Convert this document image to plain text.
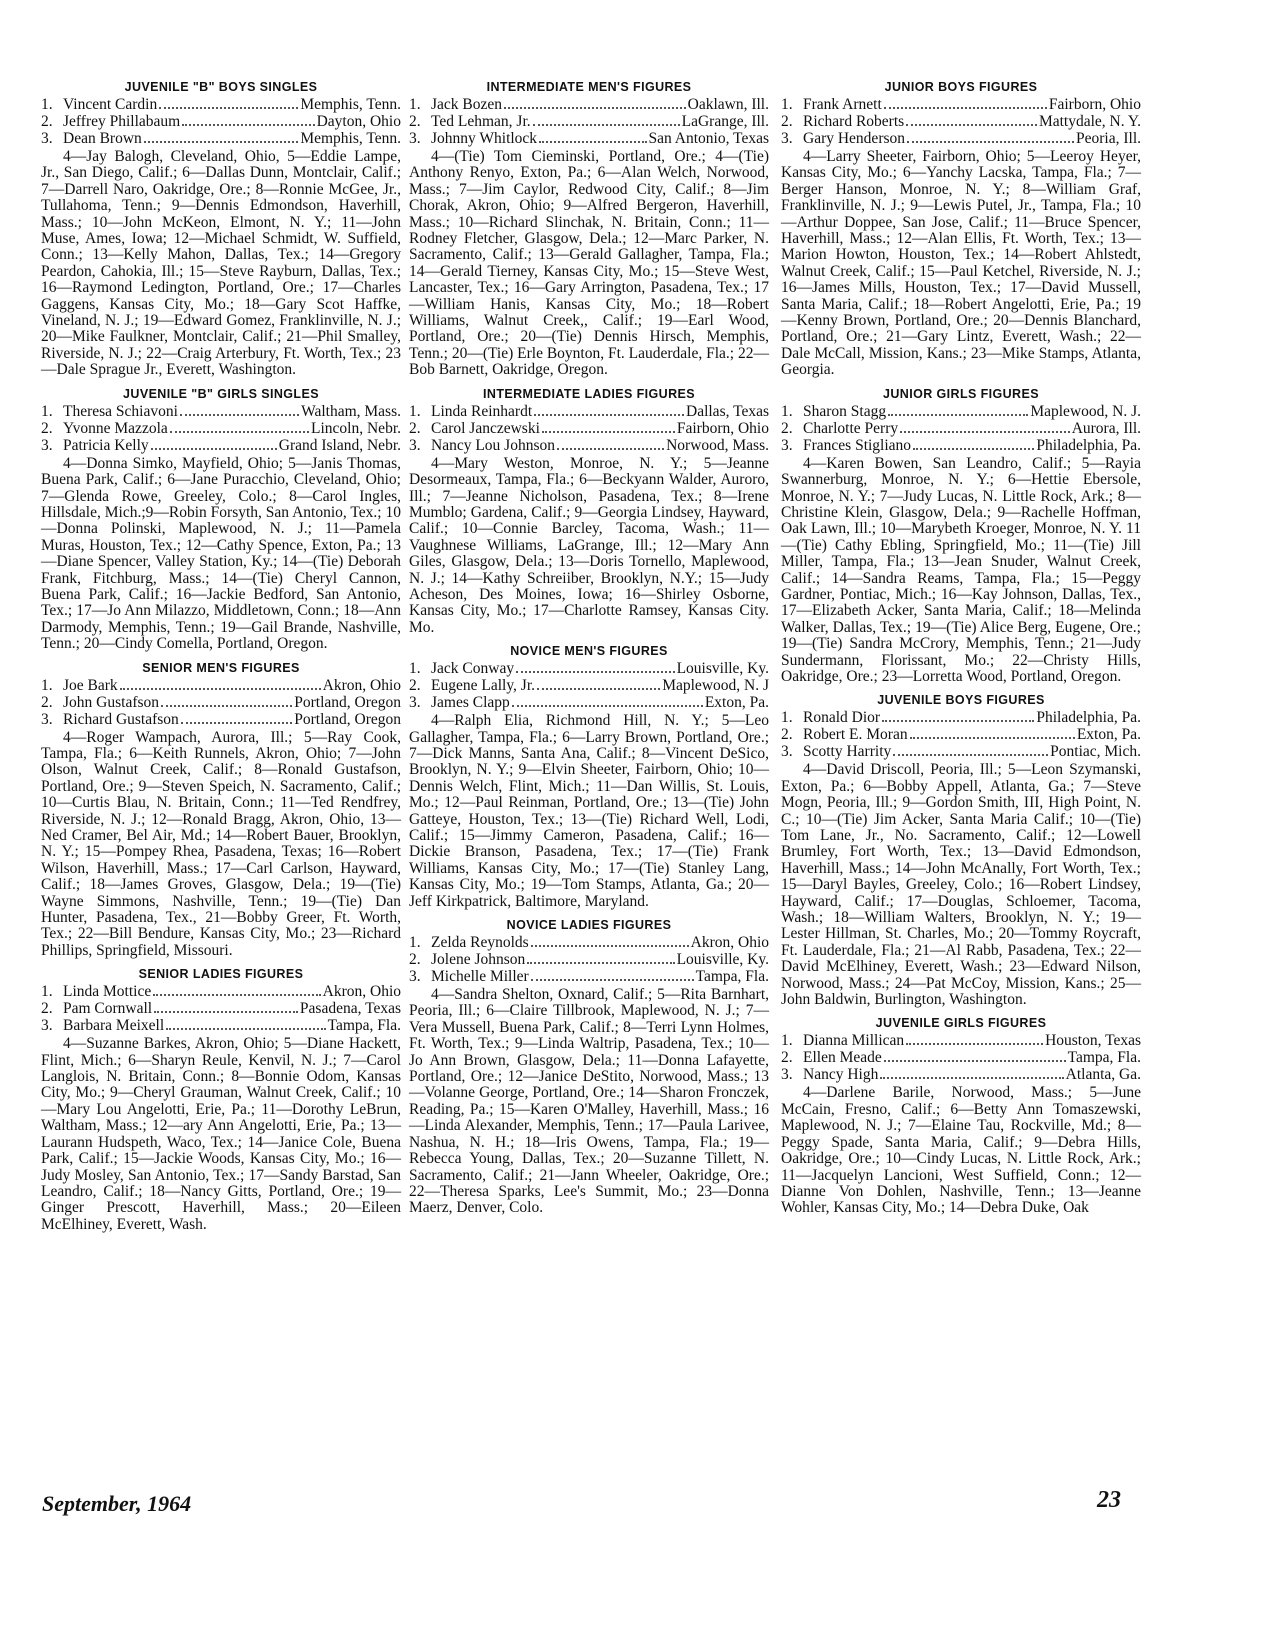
JUVENILE "B" BOYS SINGLES
1. Vincent Cardin	Memphis, Tenn.
2. Jeffrey Phillabaum	Dayton, Ohio
3. Dean Brown	Memphis, Tenn.

4—Jay Balogh, Cleveland, Ohio, 5—Eddie Lampe, Jr., San Diego, Calif.; 6—Dallas Dunn, Montclair, Calif.; 7—Darrell Naro, Oakridge, Ore.; 8—Ronnie McGee, Jr., Tullahoma, Tenn.; 9—Dennis Edmondson, Haverhill, Mass.; 10—John McKeon, Elmont, N. Y.; 11—John Muse, Ames, Iowa; 12—Michael Schmidt, W. Suffield, Conn.; 13—Kelly Mahon, Dallas, Tex.; 14—Gregory Peardon, Cahokia, Ill.; 15—Steve Rayburn, Dallas, Tex.; 16—Raymond Ledington, Portland, Ore.; 17—Charles Gaggens, Kansas City, Mo.; 18—Gary Scot Haffke, Vineland, N. J.; 19—Edward Gomez, Franklinville, N. J.; 20—Mike Faulkner, Montclair, Calif.; 21—Phil Smalley, Riverside, N. J.; 22—Craig Arterbury, Ft. Worth, Tex.; 23—Dale Sprague Jr., Everett, Washington.

JUVENILE "B" GIRLS SINGLES
1. Theresa Schiavoni	Waltham, Mass.
2. Yvonne Mazzola	Lincoln, Nebr.
3. Patricia Kelly	Grand Island, Nebr.

4—Donna Simko, Mayfield, Ohio; 5—Janis Thomas, Buena Park, Calif.; 6—Jane Puracchio, Cleveland, Ohio; 7—Glenda Rowe, Greeley, Colo.; 8—Carol Ingles, Hillsdale, Mich.;9—Robin Forsyth, San Antonio, Tex.; 10—Donna Polinski, Maplewood, N. J.; 11—Pamela Muras, Houston, Tex.; 12—Cathy Spence, Exton, Pa.; 13—Diane Spencer, Valley Station, Ky.; 14—(Tie) Deborah Frank, Fitchburg, Mass.; 14—(Tie) Cheryl Cannon, Buena Park, Calif.; 16—Jackie Bedford, San Antonio, Tex.; 17—Jo Ann Milazzo, Middletown, Conn.; 18—Ann Darmody, Memphis, Tenn.; 19—Gail Brande, Nashville, Tenn.; 20—Cindy Comella, Portland, Oregon.

SENIOR MEN'S FIGURES
1. Joe Bark	Akron, Ohio
2. John Gustafson	Portland, Oregon
3. Richard Gustafson	Portland, Oregon

4—Roger Wampach, Aurora, Ill.; 5—Ray Cook, Tampa, Fla.; 6—Keith Runnels, Akron, Ohio; 7—John Olson, Walnut Creek, Calif.; 8—Ronald Gustafson, Portland, Ore.; 9—Steven Speich, N. Sacramento, Calif.; 10—Curtis Blau, N. Britain, Conn.; 11—Ted Rendfrey, Riverside, N. J.; 12—Ronald Bragg, Akron, Ohio, 13—Ned Cramer, Bel Air, Md.; 14—Robert Bauer, Brooklyn, N. Y.; 15—Pompey Rhea, Pasadena, Texas; 16—Robert Wilson, Haverhill, Mass.; 17—Carl Carlson, Hayward, Calif.; 18—James Groves, Glasgow, Dela.; 19—(Tie) Wayne Simmons, Nashville, Tenn.; 19—(Tie) Dan Hunter, Pasadena, Tex., 21—Bobby Greer, Ft. Worth, Tex.; 22—Bill Bendure, Kansas City, Mo.; 23—Richard Phillips, Springfield, Missouri.

SENIOR LADIES FIGURES
1. Linda Mottice	Akron, Ohio
2. Pam Cornwall	Pasadena, Texas
3. Barbara Meixell	Tampa, Fla.

4—Suzanne Barkes, Akron, Ohio; 5—Diane Hackett, Flint, Mich.; 6—Sharyn Reule, Kenvil, N. J.; 7—Carol Langlois, N. Britain, Conn.; 8—Bonnie Odom, Kansas City, Mo.; 9—Cheryl Grauman, Walnut Creek, Calif.; 10—Mary Lou Angelotti, Erie, Pa.; 11—Dorothy LeBrun, Waltham, Mass.; 12—ary Ann Angelotti, Erie, Pa.; 13—Laurann Hudspeth, Waco, Tex.; 14—Janice Cole, Buena Park, Calif.; 15—Jackie Woods, Kansas City, Mo.; 16—Judy Mosley, San Antonio, Tex.; 17—Sandy Barstad, San Leandro, Calif.; 18—Nancy Gitts, Portland, Ore.; 19—Ginger Prescott, Haverhill, Mass.; 20—Eileen McElhiney, Everett, Wash.

INTERMEDIATE MEN'S FIGURES
1. Jack Bozen	Oaklawn, Ill.
2. Ted Lehman, Jr.	LaGrange, Ill.
3. Johnny Whitlock	San Antonio, Texas

4—(Tie) Tom Cieminski, Portland, Ore.; 4—(Tie) Anthony Renyo, Exton, Pa.; 6—Alan Welch, Norwood, Mass.; 7—Jim Caylor, Redwood City, Calif.; 8—Jim Chorak, Akron, Ohio; 9—Alfred Bergeron, Haverhill, Mass.; 10—Richard Slinchak, N. Britain, Conn.; 11—Rodney Fletcher, Glasgow, Dela.; 12—Marc Parker, N. Sacramento, Calif.; 13—Gerald Gallagher, Tampa, Fla.; 14—Gerald Tierney, Kansas City, Mo.; 15—Steve West, Lancaster, Tex.; 16—Gary Arrington, Pasadena, Tex.; 17—William Hanis, Kansas City, Mo.; 18—Robert Williams, Walnut Creek,, Calif.; 19—Earl Wood, Portland, Ore.; 20—(Tie) Dennis Hirsch, Memphis, Tenn.; 20—(Tie) Erle Boynton, Ft. Lauderdale, Fla.; 22—Bob Barnett, Oakridge, Oregon.

INTERMEDIATE LADIES FIGURES
1. Linda Reinhardt	Dallas, Texas
2. Carol Janczewski	Fairborn, Ohio
3. Nancy Lou Johnson	Norwood, Mass.

4—Mary Weston, Monroe, N. Y.; 5—Jeanne Desormeaux, Tampa, Fla.; 6—Beckyann Walder, Auroro, Ill.; 7—Jeanne Nicholson, Pasadena, Tex.; 8—Irene Mumblo; Gardena, Calif.; 9—Georgia Lindsey, Hayward, Calif.; 10—Connie Barcley, Tacoma, Wash.; 11—Vaughnese Williams, LaGrange, Ill.; 12—Mary Ann Giles, Glasgow, Dela.; 13—Doris Tornello, Maplewood, N. J.; 14—Kathy Schreiiber, Brooklyn, N.Y.; 15—Judy Acheson, Des Moines, Iowa; 16—Shirley Osborne, Kansas City, Mo.; 17—Charlotte Ramsey, Kansas City. Mo.

NOVICE MEN'S FIGURES
1. Jack Conway	Louisville, Ky.
2. Eugene Lally, Jr.	Maplewood, N. J
3. James Clapp	Exton, Pa.

4—Ralph Elia, Richmond Hill, N. Y.; 5—Leo Gallagher, Tampa, Fla.; 6—Larry Brown, Portland, Ore.; 7—Dick Manns, Santa Ana, Calif.; 8—Vincent DeSico, Brooklyn, N. Y.; 9—Elvin Sheeter, Fairborn, Ohio; 10—Dennis Welch, Flint, Mich.; 11—Dan Willis, St. Louis, Mo.; 12—Paul Reinman, Portland, Ore.; 13—(Tie) John Gatteye, Houston, Tex.; 13—(Tie) Richard Well, Lodi, Calif.; 15—Jimmy Cameron, Pasadena, Calif.; 16—Dickie Branson, Pasadena, Tex.; 17—(Tie) Frank Williams, Kansas City, Mo.; 17—(Tie) Stanley Lang, Kansas City, Mo.; 19—Tom Stamps, Atlanta, Ga.; 20—Jeff Kirkpatrick, Baltimore, Maryland.

NOVICE LADIES FIGURES
1. Zelda Reynolds	Akron, Ohio
2. Jolene Johnson	Louisville, Ky.
3. Michelle Miller	Tampa, Fla.

4—Sandra Shelton, Oxnard, Calif.; 5—Rita Barnhart, Peoria, Ill.; 6—Claire Tillbrook, Maplewood, N. J.; 7—Vera Mussell, Buena Park, Calif.; 8—Terri Lynn Holmes, Ft. Worth, Tex.; 9—Linda Waltrip, Pasadena, Tex.; 10—Jo Ann Brown, Glasgow, Dela.; 11—Donna Lafayette, Portland, Ore.; 12—Janice DeStito, Norwood, Mass.; 13—Volanne George, Portland, Ore.; 14—Sharon Fronczek, Reading, Pa.; 15—Karen O'Malley, Haverhill, Mass.; 16—Linda Alexander, Memphis, Tenn.; 17—Paula Larivee, Nashua, N. H.; 18—Iris Owens, Tampa, Fla.; 19—Rebecca Young, Dallas, Tex.; 20—Suzanne Tillett, N. Sacramento, Calif.; 21—Jann Wheeler, Oakridge, Ore.; 22—Theresa Sparks, Lee's Summit, Mo.; 23—Donna Maerz, Denver, Colo.

JUNIOR BOYS FIGURES
1. Frank Arnett	Fairborn, Ohio
2. Richard Roberts	Mattydale, N. Y.
3. Gary Henderson	Peoria, Ill.

4—Larry Sheeter, Fairborn, Ohio; 5—Leeroy Heyer, Kansas City, Mo.; 6—Yanchy Lacska, Tampa, Fla.; 7—Berger Hanson, Monroe, N. Y.; 8—William Graf, Franklinville, N. J.; 9—Lewis Putel, Jr., Tampa, Fla.; 10—Arthur Doppee, San Jose, Calif.; 11—Bruce Spencer, Haverhill, Mass.; 12—Alan Ellis, Ft. Worth, Tex.; 13—Marion Howton, Houston, Tex.; 14—Robert Ahlstedt, Walnut Creek, Calif.; 15—Paul Ketchel, Riverside, N. J.; 16—James Mills, Houston, Tex.; 17—David Mussell, Santa Maria, Calif.; 18—Robert Angelotti, Erie, Pa.; 19—Kenny Brown, Portland, Ore.; 20—Dennis Blanchard, Portland, Ore.; 21—Gary Lintz, Everett, Wash.; 22—Dale McCall, Mission, Kans.; 23—Mike Stamps, Atlanta, Georgia.

JUNIOR GIRLS FIGURES
1. Sharon Stagg	Maplewood, N. J.
2. Charlotte Perry	Aurora, Ill.
3. Frances Stigliano	Philadelphia, Pa.

4—Karen Bowen, San Leandro, Calif.; 5—Rayia Swannerburg, Monroe, N. Y.; 6—Hettie Ebersole, Monroe, N. Y.; 7—Judy Lucas, N. Little Rock, Ark.; 8—Christine Klein, Glasgow, Dela.; 9—Rachelle Hoffman, Oak Lawn, Ill.; 10—Marybeth Kroeger, Monroe, N. Y. 11—(Tie) Cathy Ebling, Springfield, Mo.; 11—(Tie) Jill Miller, Tampa, Fla.; 13—Jean Snuder, Walnut Creek, Calif.; 14—Sandra Reams, Tampa, Fla.; 15—Peggy Gardner, Pontiac, Mich.; 16—Kay Johnson, Dallas, Tex., 17—Elizabeth Acker, Santa Maria, Calif.; 18—Melinda Walker, Dallas, Tex.; 19—(Tie) Alice Berg, Eugene, Ore.; 19—(Tie) Sandra McCrory, Memphis, Tenn.; 21—Judy Sundermann, Florissant, Mo.; 22—Christy Hills, Oakridge, Ore.; 23—Lorretta Wood, Portland, Oregon.

JUVENILE BOYS FIGURES
1. Ronald Dior	Philadelphia, Pa.
2. Robert E. Moran	Exton, Pa.
3. Scotty Harrity	Pontiac, Mich.

4—David Driscoll, Peoria, Ill.; 5—Leon Szymanski, Exton, Pa.; 6—Bobby Appell, Atlanta, Ga.; 7—Steve Mogn, Peoria, Ill.; 9—Gordon Smith, III, High Point, N. C.; 10—(Tie) Jim Acker, Santa Maria Calif.; 10—(Tie) Tom Lane, Jr., No. Sacramento, Calif.; 12—Lowell Brumley, Fort Worth, Tex.; 13—David Edmondson, Haverhill, Mass.; 14—John McAnally, Fort Worth, Tex.; 15—Daryl Bayles, Greeley, Colo.; 16—Robert Lindsey, Hayward, Calif.; 17—Douglas, Schloemer, Tacoma, Wash.; 18—William Walters, Brooklyn, N. Y.; 19—Lester Hillman, St. Charles, Mo.; 20—Tommy Roycraft, Ft. Lauderdale, Fla.; 21—Al Rabb, Pasadena, Tex.; 22—David McElhiney, Everett, Wash.; 23—Edward Nilson, Norwood, Mass.; 24—Pat McCoy, Mission, Kans.; 25—John Baldwin, Burlington, Washington.

JUVENILE GIRLS FIGURES
1. Dianna Millican	Houston, Texas
2. Ellen Meade	Tampa, Fla.
3. Nancy High	Atlanta, Ga.

4—Darlene Barile, Norwood, Mass.; 5—June McCain, Fresno, Calif.; 6—Betty Ann Tomaszewski, Maplewood, N. J.; 7—Elaine Tau, Rockville, Md.; 8—Peggy Spade, Santa Maria, Calif.; 9—Debra Hills, Oakridge, Ore.; 10—Cindy Lucas, N. Little Rock, Ark.; 11—Jacquelyn Lancioni, West Suffield, Conn.; 12—Dianne Von Dohlen, Nashville, Tenn.; 13—Jeanne Wohler, Kansas City, Mo.; 14—Debra Duke, Oak

September, 1964	23
